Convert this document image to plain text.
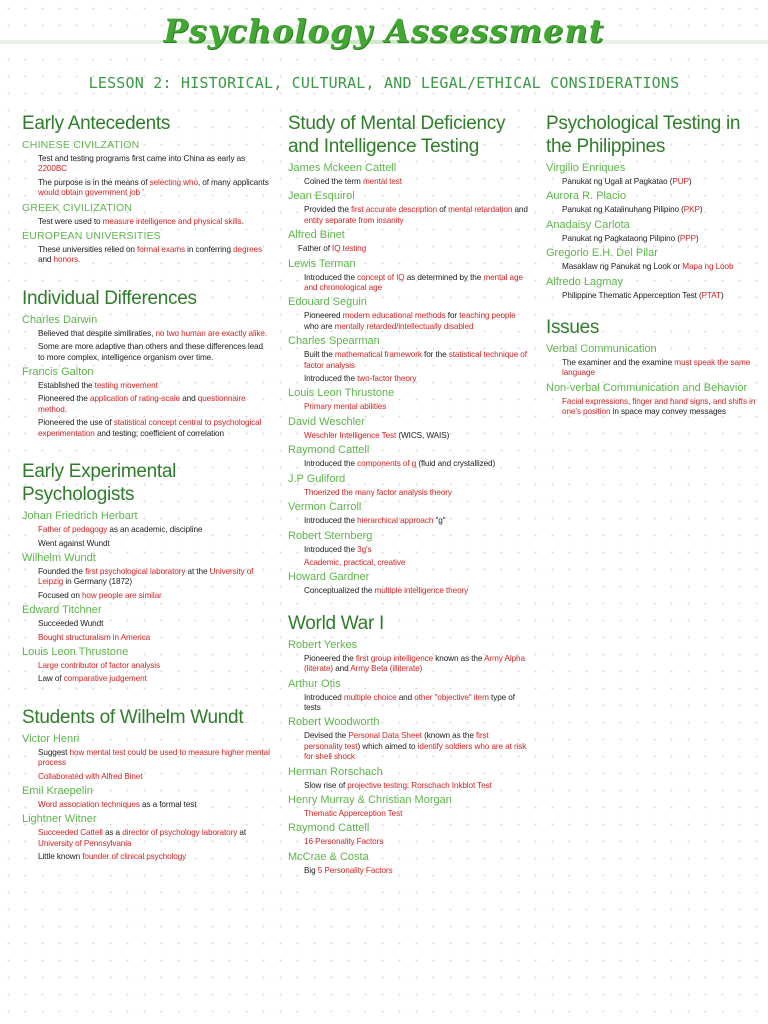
Psychology Assessment
LESSON 2: HISTORICAL, CULTURAL, AND LEGAL/ETHICAL CONSIDERATIONS
Early Antecedents
CHINESE CIVILZATION
Test and testing programs first came into China as early as 2200BC
The purpose is in the means of selecting who, of many applicants would obtain government job '
GREEK CIVILIZATION
Test were used to measure intelligence and physical skills.
EUROPEAN UNIVERSITIES
These universities relied on formal exams in conferring degrees and honors.
Individual Differences
Charles Darwin
Believed that despite similiraties, no two human are exactly alike.
Some are more adaptive than others and these differences lead to more complex, intelligence organism over time.
Francis Galton
Established the testing movement
Pioneered the application of rating-scale and questionnaire method.
Pioneered the use of statistical concept central to psychological experimentation and testing; coefficient of correlation
Early Experimental Psychologists
Johan Friedrich Herbart
Father of pedagogy as an academic, discipline
Went against Wundt
Wilhelm Wundt
Founded the first psychological laboratory at the University of Leipzig in Germany (1872)
Focused on how people are similar
Edward Titchner
Succeeded Wundt
Bought structuralism in America
Louis Leon Thrustone
Large contributor of factor analysis
Law of comparative judgement
Students of Wilhelm Wundt
Victor Henri
Suggest how mental test could be used to measure higher mental process
Collaborated with Alfred Binet
Emil Kraepelin
Word association techniques as a formal test
Lightner Witner
Succeeded Cattell as a director of psychology laboratory at University of Pennsylvania
Little known founder of clinical psychology
Study of Mental Deficiency and Intelligence Testing
James Mckeen Cattell
Coined the term mental test
Jean Esquirol
Provided the first accurate description of mental retardation and entity separate from insanity
Alfred Binet
Father of IQ testing
Lewis Terman
Introduced the concept of IQ as determined by the mental age and chronological age
Edouard Seguin
Pioneered modern educational methods for teaching people who are mentally retarded/intellectually disabled
Charles Spearman
Built the mathematical framework for the statistical technique of factor analysis
Introduced the two-factor theory
Louis Leon Thrustone
Primary mental abilities
David Weschler
Weschler Intelligence Test (WICS, WAIS)
Raymond Cattell
Introduced the components of g (fluid and crystallized)
J.P Guliford
Thoerized the many factor analysis theory
Vermon Carroll
Introduced the hierarchical approach "g"
Robert Sternberg
Introduced the 3g's
Academic, practical, creative
Howard Gardner
Conceptualized the multiple intelligence theory
World War I
Robert Yerkes
Pioneered the first group intelligence known as the Army Alpha (literate) and Army Beta (illiterate)
Arthur Otis
Introduced multiple choice and other "objective" item type of tests
Robert Woodworth
Devised the Personal Data Sheet (known as the first personality test) which aimed to identify soldiers who are at risk for shell shock
Herman Rorschach
Slow rise of projective testing: Rorschach Inkblot Test
Henry Murray & Christian Morgan
Thematic Apperception Test
Raymond Cattell
16 Personality Factors
McCrae & Costa
Big 5 Personality Factors
Psychological Testing in the Philippines
Virgilio Enriques
Panukat ng Ugali at Pagkatao (PUP)
Aurora R. Placio
Panukat ng Katalinuhang Pilipino (PKP)
Anadaisy Carlota
Panukat ng Pagkataong Pilipino (PPP)
Gregorio E.H. Del Pilar
Masaklaw ng Panukat ng Look or Mapa ng Loob
Alfredo Lagmay
Philippine Thematic Apperception Test (PTAT)
Issues
Verbal Communication
The examiner and the examine must speak the same language
Non-verbal Communication and Behavior
Facial expressions, finger and hand signs, and shifts in one's position in space may convey messages
